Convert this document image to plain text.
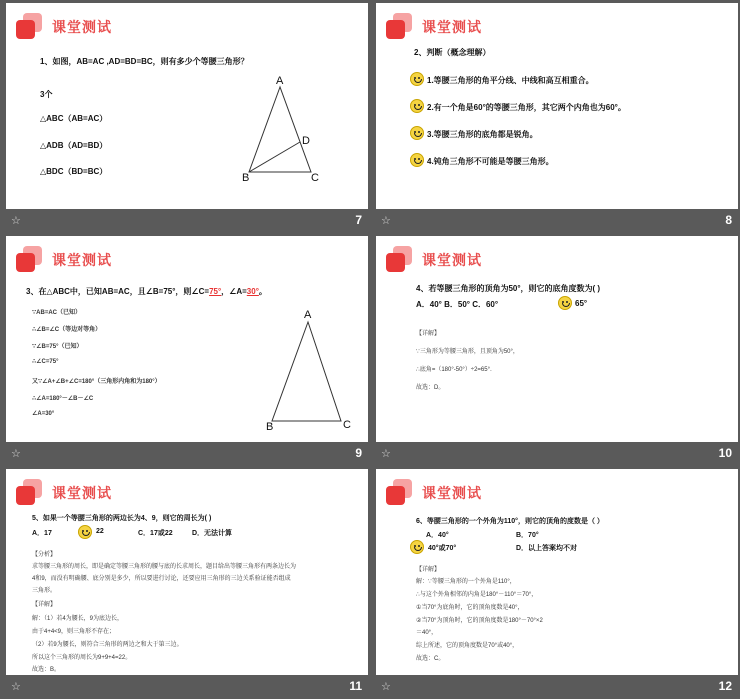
课堂测试
1、如图，AB=AC ,AD=BD=BC，则有多少个等腰三角形？
3个
△ABC（AB=AC）
△ADB（AD=BD）
△BDC（BD=BC）
A
B	C
D
☆	7
课堂测试
2、判断（概念理解）
1.等腰三角形的角平分线、中线和高互相重合。
2.有一个角是60°的等腰三角形，其它两个内角也为60°。
3.等腰三角形的底角都是锐角。
4.钝角三角形不可能是等腰三角形。
☆	8
课堂测试
3、在△ABC中，已知AB=AC，且∠B=75°，则∠C=75°，∠A=30°。
∵AB=AC（已知）
∴∠B=∠C（等边对等角）
∵∠B=75°（已知）
∴∠C=75°
又∵∠A+∠B+∠C=180°（三角形内角和为180°）
∴∠A=180°－∠B－∠C
∠A=30°
A
B	C
☆	9
课堂测试
4、若等腰三角形的顶角为50°，则它的底角度数为( )
A．40° B．50° C．60°	65°
【详解】
∵三角形为等腰三角形，且顶角为50°，
∴底角=（180°-50°）÷2=65°．
故选：D。
☆	10
课堂测试
5、如果一个等腰三角形的两边长为4、9，则它的周长为( )
A．17	22	C．17或22	D．无法计算
【分析】
求等腰三角形的周长，即是确定等腰三角形的腰与底的长求周长，题目给出等腰三角形有两条边长为
4和9，而没有明确腰、底分别是多少，所以要进行讨论，还要应用三角形的三边关系验证能否组成
三角形。
【详解】
解：（1）若4为腰长，9为底边长，
由于4+4<9，则三角形不存在；
（2）若9为腰长，则符合三角形的两边之和大于第三边。
所以这个三角形的周长为9+9+4=22。
故选：B。
☆	11
课堂测试
6、等腰三角形的一个外角为110°，则它的顶角的度数是（ ）
A．40°	B．70°
40°或70°	D．以上答案均不对
【详解】
解：∵等腰三角形的一个外角是110°，
∴与这个外角相邻的内角是180°－110°＝70°，
①当70°为底角时，它的顶角度数是40°，
②当70°为顶角时，它的顶角度数是180°－70°×2
＝40°，
综上所述，它的顶角度数是70°或40°，
故选：C。
☆	12
